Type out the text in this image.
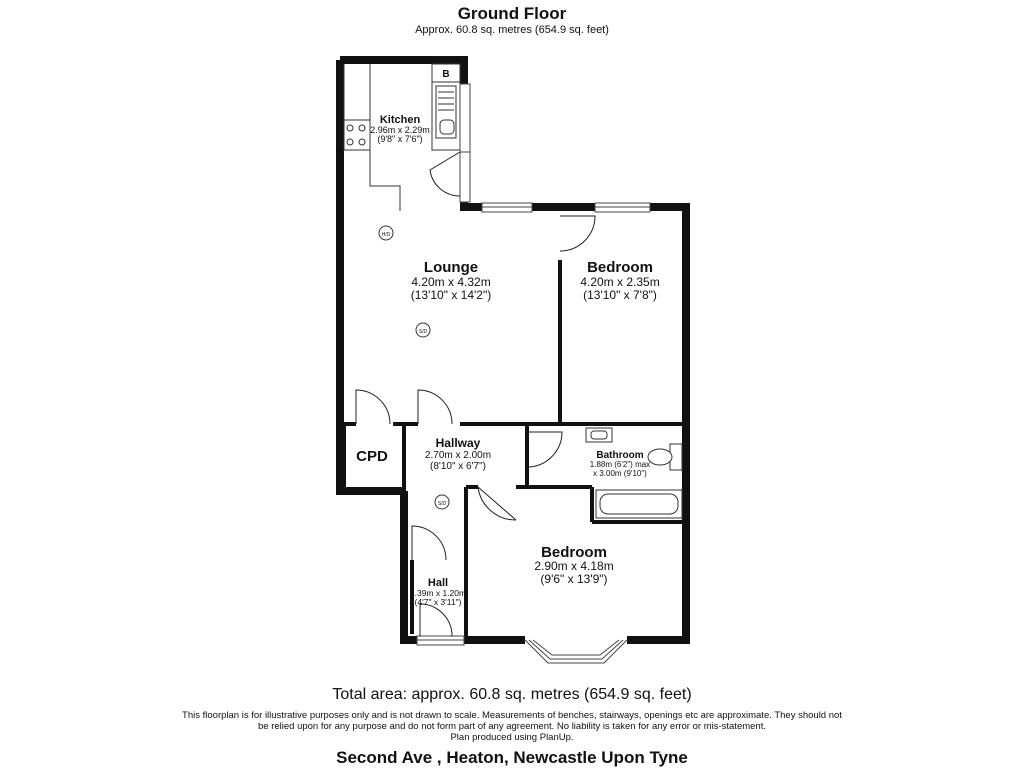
Ground Floor
Approx. 60.8 sq. metres (654.9 sq. feet)
B
H/D
S/D
S/D
Kitchen
2.96m x 2.29m
(9'8" x 7'6")
Lounge
4.20m x 4.32m
(13'10" x 14'2")
Bedroom
4.20m x 2.35m
(13'10" x 7'8")
CPD
Hallway
2.70m x 2.00m
(8'10" x 6'7")
Bathroom
1.88m (6'2") max
x 3.00m (9'10")
Bedroom
2.90m x 4.18m
(9'6" x 13'9")
Hall
1.39m x 1.20m
(4'7" x 3'11")
Total area: approx. 60.8 sq. metres (654.9 sq. feet)
This floorplan is for illustrative purposes only and is not drawn to scale. Measurements of benches, stairways, openings etc are approximate. They should not
be relied upon for any purpose and do not form part of any agreement. No liability is taken for any error or mis-statement.
Plan produced using PlanUp.
Second Ave , Heaton, Newcastle Upon Tyne
